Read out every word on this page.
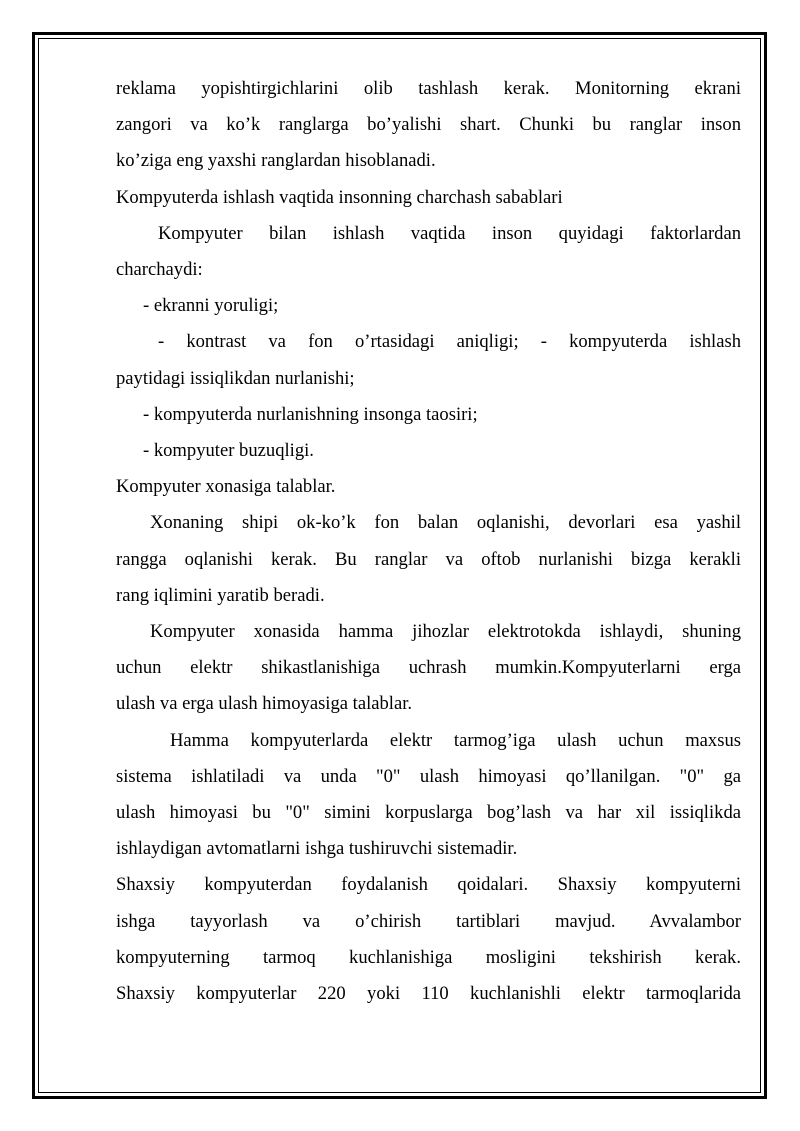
reklama yopishtirgichlarini olib tashlash kerak. Monitorning ekrani

zangori va ko’k ranglarga bo’yalishi shart. Chunki bu ranglar inson

ko’ziga eng yaxshi ranglardan hisoblanadi.

Kompyuterda ishlash vaqtida insonning charchash sabablari

Kompyuter bilan ishlash vaqtida inson quyidagi faktorlardan

charchaydi:

- ekranni yoruligi;

- kontrast va fon o’rtasidagi aniqligi; - kompyuterda ishlash

paytidagi issiqlikdan nurlanishi;

- kompyuterda nurlanishning insonga taosiri;

- kompyuter buzuqligi.

Kompyuter xonasiga talablar.

Xonaning shipi ok-ko’k fon balan oqlanishi, devorlari esa yashil

rangga oqlanishi kerak. Bu ranglar va oftob nurlanishi bizga kerakli

rang iqlimini yaratib beradi.

Kompyuter xonasida hamma jihozlar elektrotokda ishlaydi, shuning

uchun elektr shikastlanishiga uchrash mumkin.Kompyuterlarni erga

ulash va erga ulash himoyasiga talablar.

Hamma kompyuterlarda elektr tarmog’iga ulash uchun maxsus

sistema ishlatiladi va unda "0" ulash himoyasi qo’llanilgan. "0" ga

ulash himoyasi bu "0" simini korpuslarga bog’lash va har xil issiqlikda

ishlaydigan avtomatlarni ishga tushiruvchi sistemadir.

Shaxsiy kompyuterdan foydalanish qoidalari. Shaxsiy kompyuterni

ishga tayyorlash va o’chirish tartiblari mavjud. Avvalambor

kompyuterning tarmoq kuchlanishiga mosligini tekshirish kerak.

Shaxsiy kompyuterlar 220 yoki 110 kuchlanishli elektr tarmoqlarida
